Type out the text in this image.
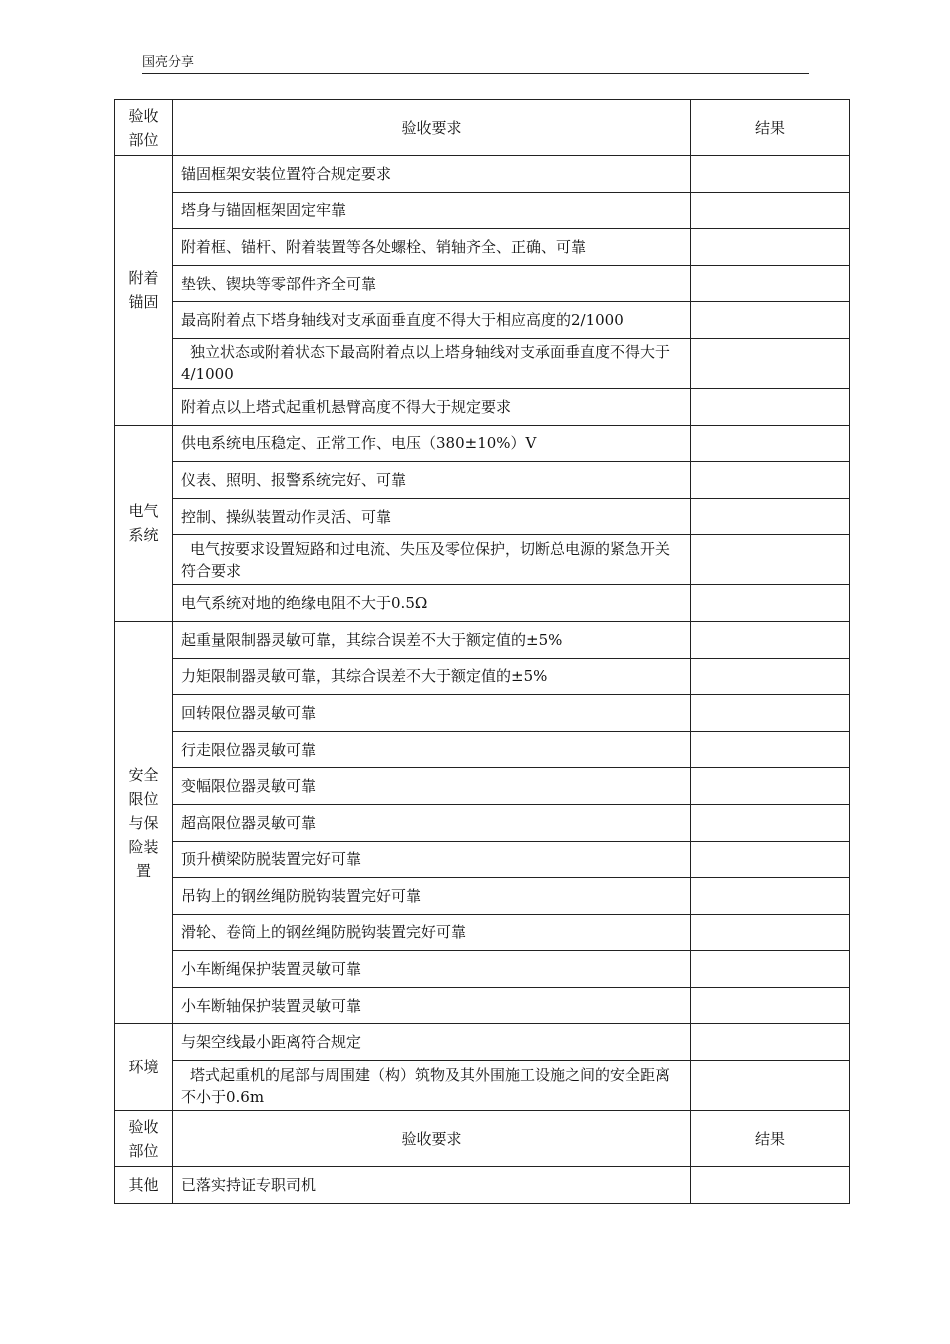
国亮分享
验收部位	验收要求	结果
附着锚固	锚固框架安装位置符合规定要求	
	塔身与锚固框架固定牢靠	
	附着框、锚杆、附着装置等各处螺栓、销轴齐全、正确、可靠	
	垫铁、锲块等零部件齐全可靠	
	最高附着点下塔身轴线对支承面垂直度不得大于相应高度的2/1000	
	独立状态或附着状态下最高附着点以上塔身轴线对支承面垂直度不得大于4/1000	
	附着点以上塔式起重机悬臂高度不得大于规定要求	
电气系统	供电系统电压稳定、正常工作、电压（380±10%）V	
	仪表、照明、报警系统完好、可靠	
	控制、操纵装置动作灵活、可靠	
	电气按要求设置短路和过电流、失压及零位保护，切断总电源的紧急开关符合要求	
	电气系统对地的绝缘电阻不大于0.5Ω	
安全限位与保险装置	起重量限制器灵敏可靠，其综合误差不大于额定值的±5%	
	力矩限制器灵敏可靠，其综合误差不大于额定值的±5%	
	回转限位器灵敏可靠	
	行走限位器灵敏可靠	
	变幅限位器灵敏可靠	
	超高限位器灵敏可靠	
	顶升横梁防脱装置完好可靠	
	吊钩上的钢丝绳防脱钩装置完好可靠	
	滑轮、卷筒上的钢丝绳防脱钩装置完好可靠	
	小车断绳保护装置灵敏可靠	
	小车断轴保护装置灵敏可靠	
环境	与架空线最小距离符合规定	
	塔式起重机的尾部与周围建（构）筑物及其外围施工设施之间的安全距离不小于0.6m	
验收部位	验收要求	结果
其他	已落实持证专职司机	
